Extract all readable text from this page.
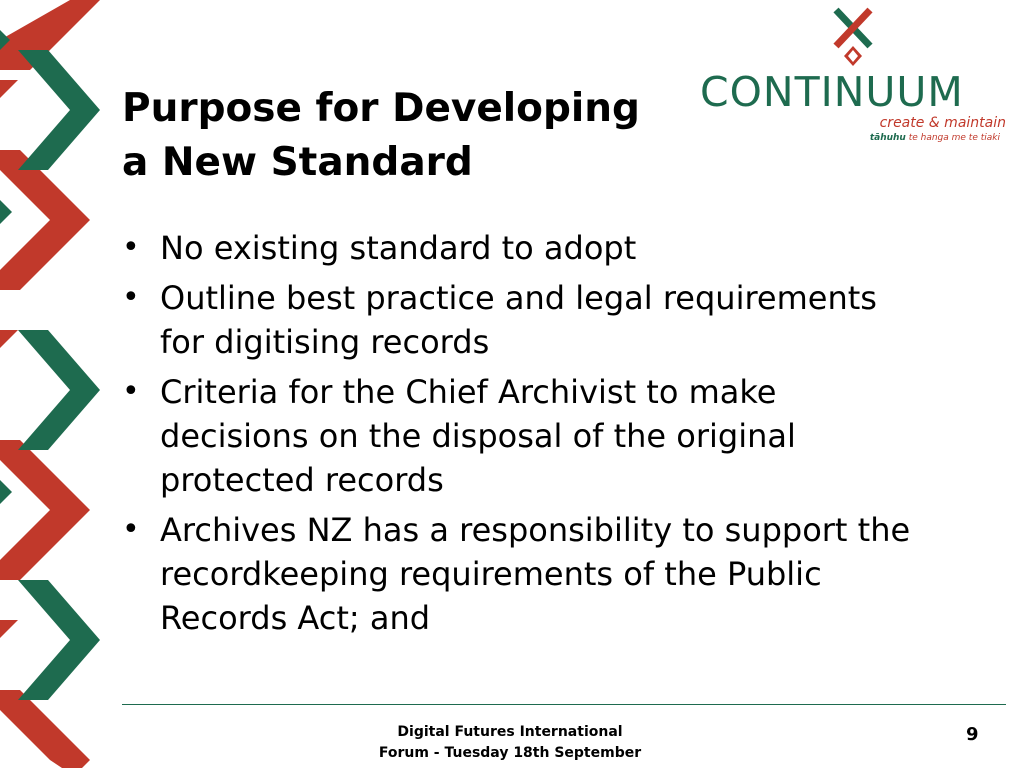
CONTINUUM
create & maintain
tāhuhu te hanga me te tiaki
Purpose for Developing
a New Standard
• No existing standard to adopt
• Outline best practice and legal requirements
for digitising records
• Criteria for the Chief Archivist to make
decisions on the disposal of the original
protected records
• Archives NZ has a responsibility to support the
recordkeeping requirements of the Public
Records Act; and
Digital Futures International
Forum - Tuesday 18th September
9
